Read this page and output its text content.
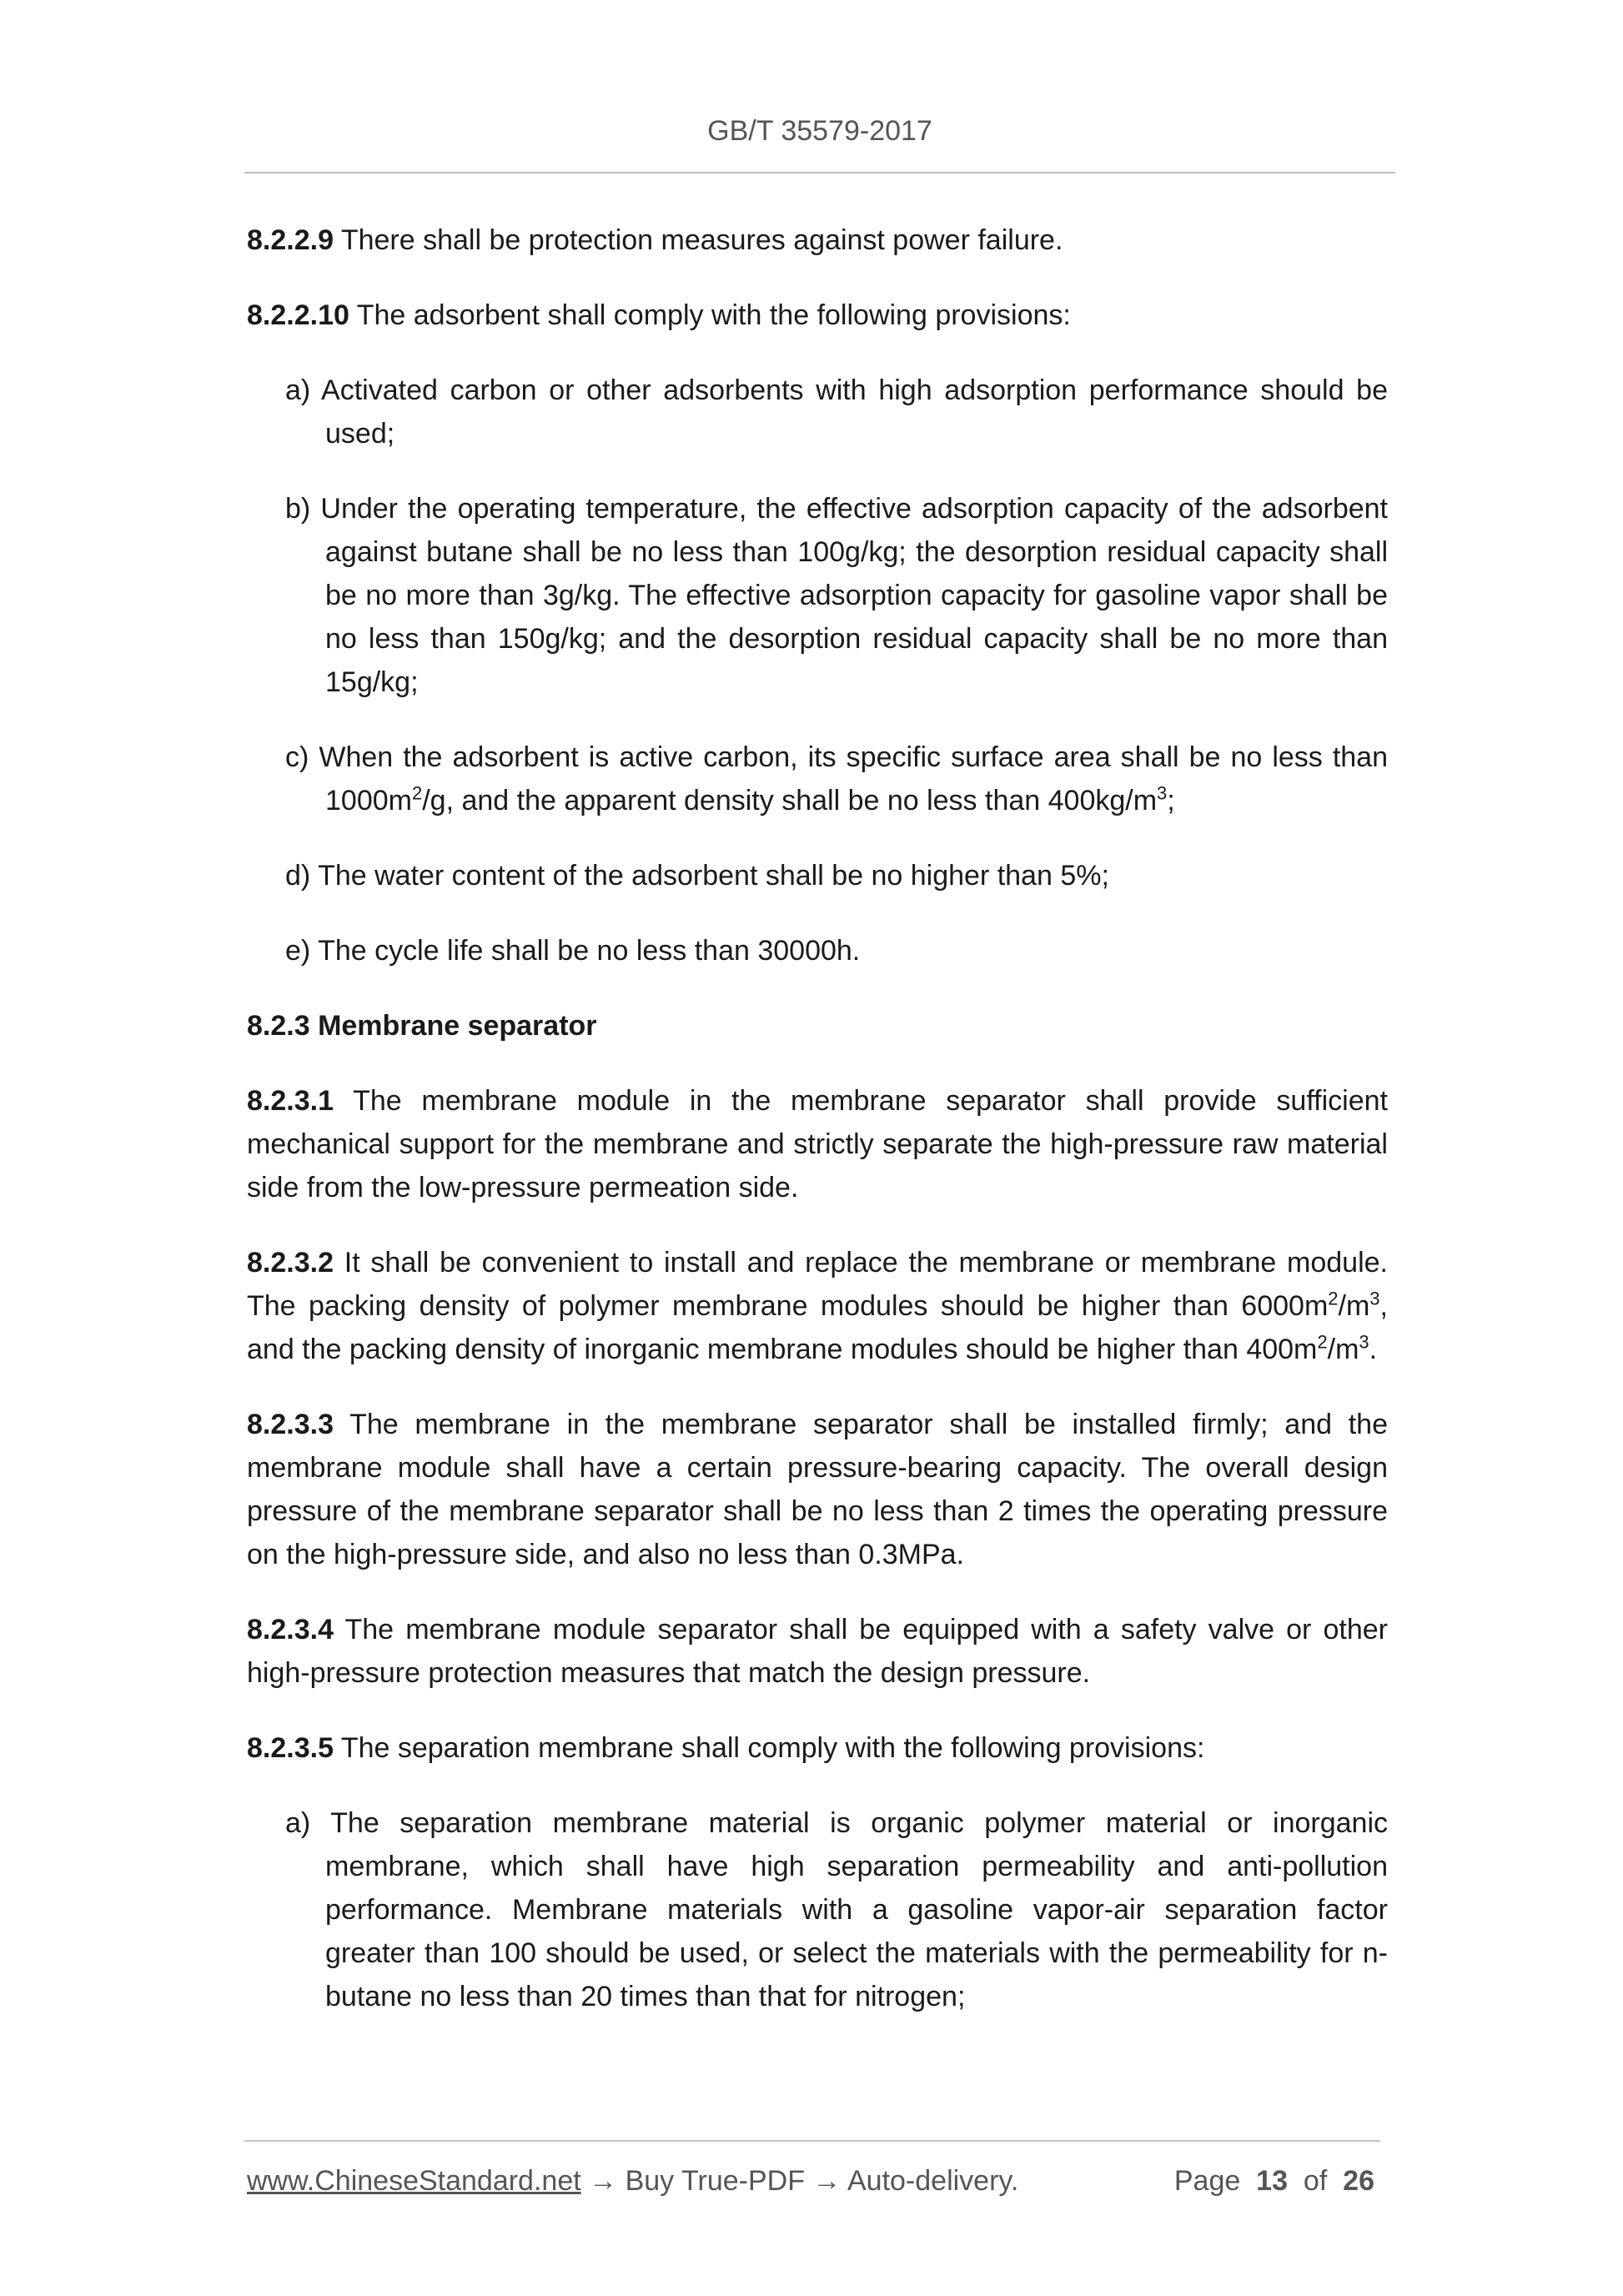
GB/T 35579-2017

8.2.2.9 There shall be protection measures against power failure.

8.2.2.10 The adsorbent shall comply with the following provisions:

a) Activated carbon or other adsorbents with high adsorption performance should be used;

b) Under the operating temperature, the effective adsorption capacity of the adsorbent against butane shall be no less than 100g/kg; the desorption residual capacity shall be no more than 3g/kg. The effective adsorption capacity for gasoline vapor shall be no less than 150g/kg; and the desorption residual capacity shall be no more than 15g/kg;

c) When the adsorbent is active carbon, its specific surface area shall be no less than $1000m^2/g$, and the apparent density shall be no less than $400kg/m^3$;

d) The water content of the adsorbent shall be no higher than 5%;

e) The cycle life shall be no less than 30000h.

8.2.3 Membrane separator

8.2.3.1 The membrane module in the membrane separator shall provide sufficient mechanical support for the membrane and strictly separate the high-pressure raw material side from the low-pressure permeation side.

8.2.3.2 It shall be convenient to install and replace the membrane or membrane module. The packing density of polymer membrane modules should be higher than $6000m^2/m^3$, and the packing density of inorganic membrane modules should be higher than $400m^2/m^3$.

8.2.3.3 The membrane in the membrane separator shall be installed firmly; and the membrane module shall have a certain pressure-bearing capacity. The overall design pressure of the membrane separator shall be no less than 2 times the operating pressure on the high-pressure side, and also no less than 0.3MPa.

8.2.3.4 The membrane module separator shall be equipped with a safety valve or other high-pressure protection measures that match the design pressure.

8.2.3.5 The separation membrane shall comply with the following provisions:

a) The separation membrane material is organic polymer material or inorganic membrane, which shall have high separation permeability and anti-pollution performance. Membrane materials with a gasoline vapor-air separation factor greater than 100 should be used, or select the materials with the permeability for n-butane no less than 20 times than that for nitrogen;

www.ChineseStandard.net → Buy True-PDF → Auto-delivery.	Page 13 of 26
